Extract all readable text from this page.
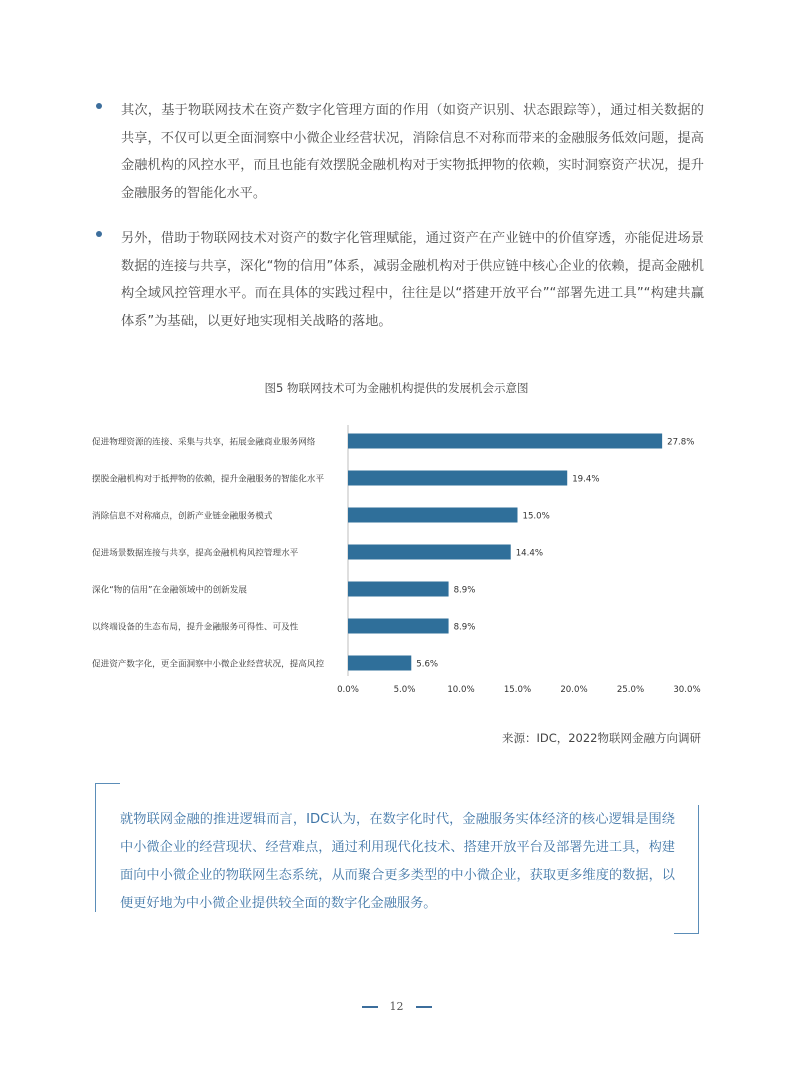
其次，基于物联网技术在资产数字化管理方面的作用（如资产识别、状态跟踪等），通过相关数据的共享，不仅可以更全面洞察中小微企业经营状况，消除信息不对称而带来的金融服务低效问题，提高金融机构的风控水平，而且也能有效摆脱金融机构对于实物抵押物的依赖，实时洞察资产状况，提升金融服务的智能化水平。

另外，借助于物联网技术对资产的数字化管理赋能，通过资产在产业链中的价值穿透，亦能促进场景数据的连接与共享，深化“物的信用”体系，减弱金融机构对于供应链中核心企业的依赖，提高金融机构全域风控管理水平。而在具体的实践过程中，往往是以“搭建开放平台”“部署先进工具”“构建共赢体系”为基础，以更好地实现相关战略的落地。

图5 物联网技术可为金融机构提供的发展机会示意图
促进物理资源的连接、采集与共享，拓展金融商业服务网络	27.8%
摆脱金融机构对于抵押物的依赖，提升金融服务的智能化水平	19.4%
消除信息不对称痛点，创新产业链金融服务模式	15.0%
促进场景数据连接与共享，提高金融机构风控管理水平	14.4%
深化“物的信用”在金融领域中的创新发展	8.9%
以终端设备的生态布局，提升金融服务可得性、可及性	8.9%
促进资产数字化，更全面洞察中小微企业经营状况，提高风控	5.6%
0.0%	5.0%	10.0%	15.0%	20.0%	25.0%	30.0%
来源：IDC，2022物联网金融方向调研

就物联网金融的推进逻辑而言，IDC认为，在数字化时代，金融服务实体经济的核心逻辑是围绕中小微企业的经营现状、经营难点，通过利用现代化技术、搭建开放平台及部署先进工具，构建面向中小微企业的物联网生态系统，从而聚合更多类型的中小微企业，获取更多维度的数据，以便更好地为中小微企业提供较全面的数字化金融服务。

12
